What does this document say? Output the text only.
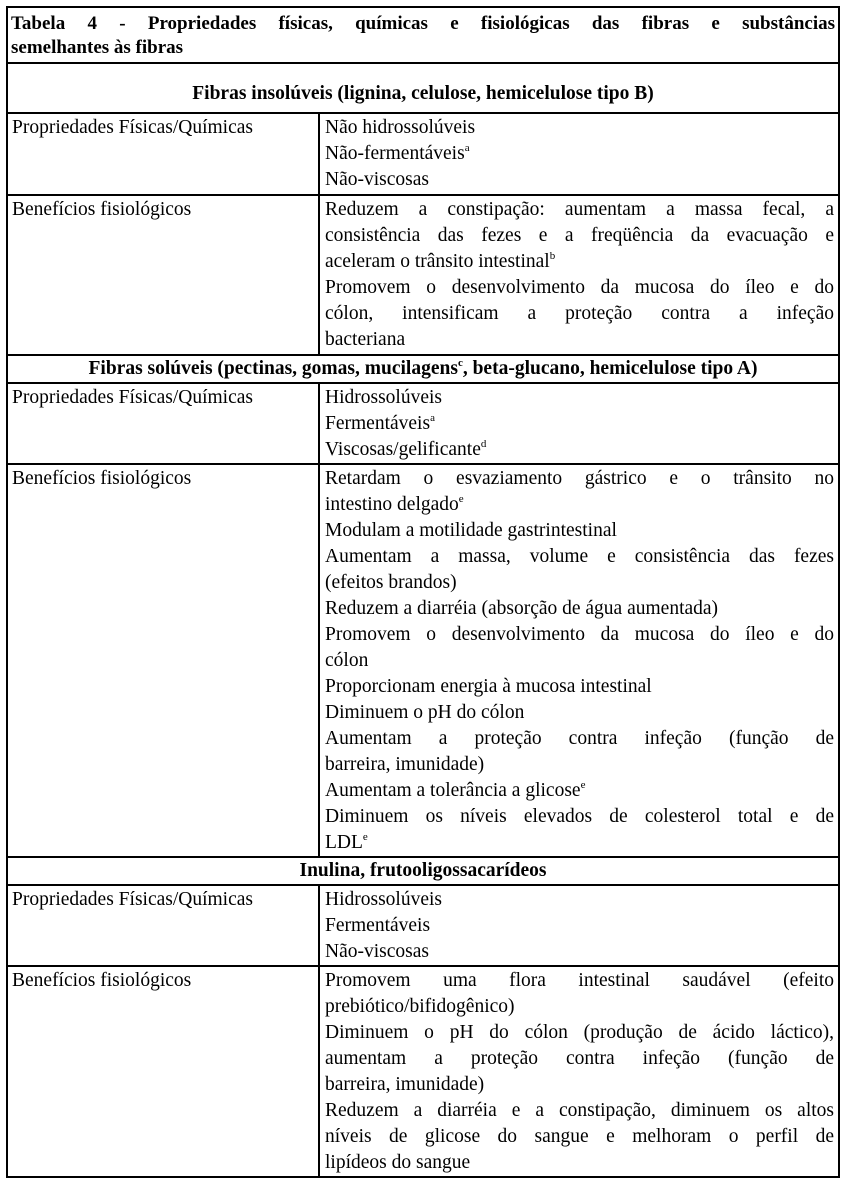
Tabela 4 - Propriedades físicas, químicas e fisiológicas das fibras e substâncias
semelhantes às fibras	

Fibras insolúveis (lignina, celulose, hemicelulose tipo B)	
Propriedades Físicas/Químicas	Não hidrossolúveis
Não-fermentáveis$^a$
Não-viscosas

Benefícios fisiológicos	Reduzem a constipação: aumentam a massa fecal, a
consistência das fezes e a freqüência da evacuação e
aceleram o trânsito intestinal$^b$
Promovem o desenvolvimento da mucosa do íleo e do
cólon, intensificam a proteção contra a infeção
bacteriana

Fibras solúveis (pectinas, gomas, mucilagens$^c$, beta-glucano, hemicelulose tipo A)	
Propriedades Físicas/Químicas	Hidrossolúveis
Fermentáveis$^a$
Viscosas/gelificante$^d$

Benefícios fisiológicos	Retardam o esvaziamento gástrico e o trânsito no
intestino delgado$^e$
Modulam a motilidade gastrintestinal
Aumentam a massa, volume e consistência das fezes
(efeitos brandos)
Reduzem a diarréia (absorção de água aumentada)
Promovem o desenvolvimento da mucosa do íleo e do
cólon
Proporcionam energia à mucosa intestinal
Diminuem o pH do cólon
Aumentam a proteção contra infeção (função de
barreira, imunidade)
Aumentam a tolerância a glicose$^e$
Diminuem os níveis elevados de colesterol total e de
LDLe

Inulina, frutooligossacarídeos	
Propriedades Físicas/Químicas	Hidrossolúveis
Fermentáveis
Não-viscosas

Benefícios fisiológicos	Promovem uma flora intestinal saudável (efeito
prebiótico/bifidogênico)
Diminuem o pH do cólon (produção de ácido láctico),
aumentam a proteção contra infeção (função de
barreira, imunidade)
Reduzem a diarréia e a constipação, diminuem os altos
níveis de glicose do sangue e melhoram o perfil de
lipídeos do sangue
